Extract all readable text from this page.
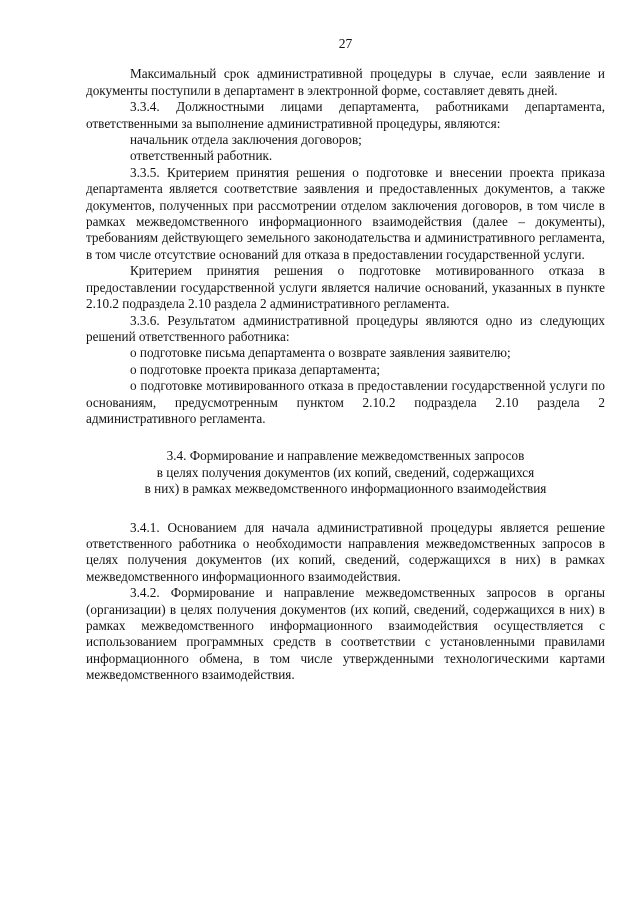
27

Максимальный срок административной процедуры в случае, если заявление и документы поступили в департамент в электронной форме, составляет девять дней.

3.3.4. Должностными лицами департамента, работниками департамента, ответственными за выполнение административной процедуры, являются:

начальник отдела заключения договоров;

ответственный работник.

3.3.5. Критерием принятия решения о подготовке и внесении проекта приказа департамента является соответствие заявления и предоставленных документов, а также документов, полученных при рассмотрении отделом заключения договоров, в том числе в рамках межведомственного информационного взаимодействия (далее – документы), требованиям действующего земельного законодательства и административного регламента, в том числе отсутствие оснований для отказа в предоставлении государственной услуги.

Критерием принятия решения о подготовке мотивированного отказа в предоставлении государственной услуги является наличие оснований, указанных в пункте 2.10.2 подраздела 2.10 раздела 2 административного регламента.

3.3.6. Результатом административной процедуры являются одно из следующих решений ответственного работника:

о подготовке письма департамента о возврате заявления заявителю;

о подготовке проекта приказа департамента;

о подготовке мотивированного отказа в предоставлении государственной услуги по основаниям, предусмотренным пунктом 2.10.2 подраздела 2.10 раздела 2 административного регламента.

3.4. Формирование и направление межведомственных запросов

в целях получения документов (их копий, сведений, содержащихся

в них) в рамках межведомственного информационного взаимодействия

3.4.1. Основанием для начала административной процедуры является решение ответственного работника о необходимости направления межведомственных запросов в целях получения документов (их копий, сведений, содержащихся в них) в рамках межведомственного информационного взаимодействия.

3.4.2. Формирование и направление межведомственных запросов в органы (организации) в целях получения документов (их копий, сведений, содержащихся в них) в рамках межведомственного информационного взаимодействия осуществляется с использованием программных средств в соответствии с установленными правилами информационного обмена, в том числе утвержденными технологическими картами межведомственного взаимодействия.
